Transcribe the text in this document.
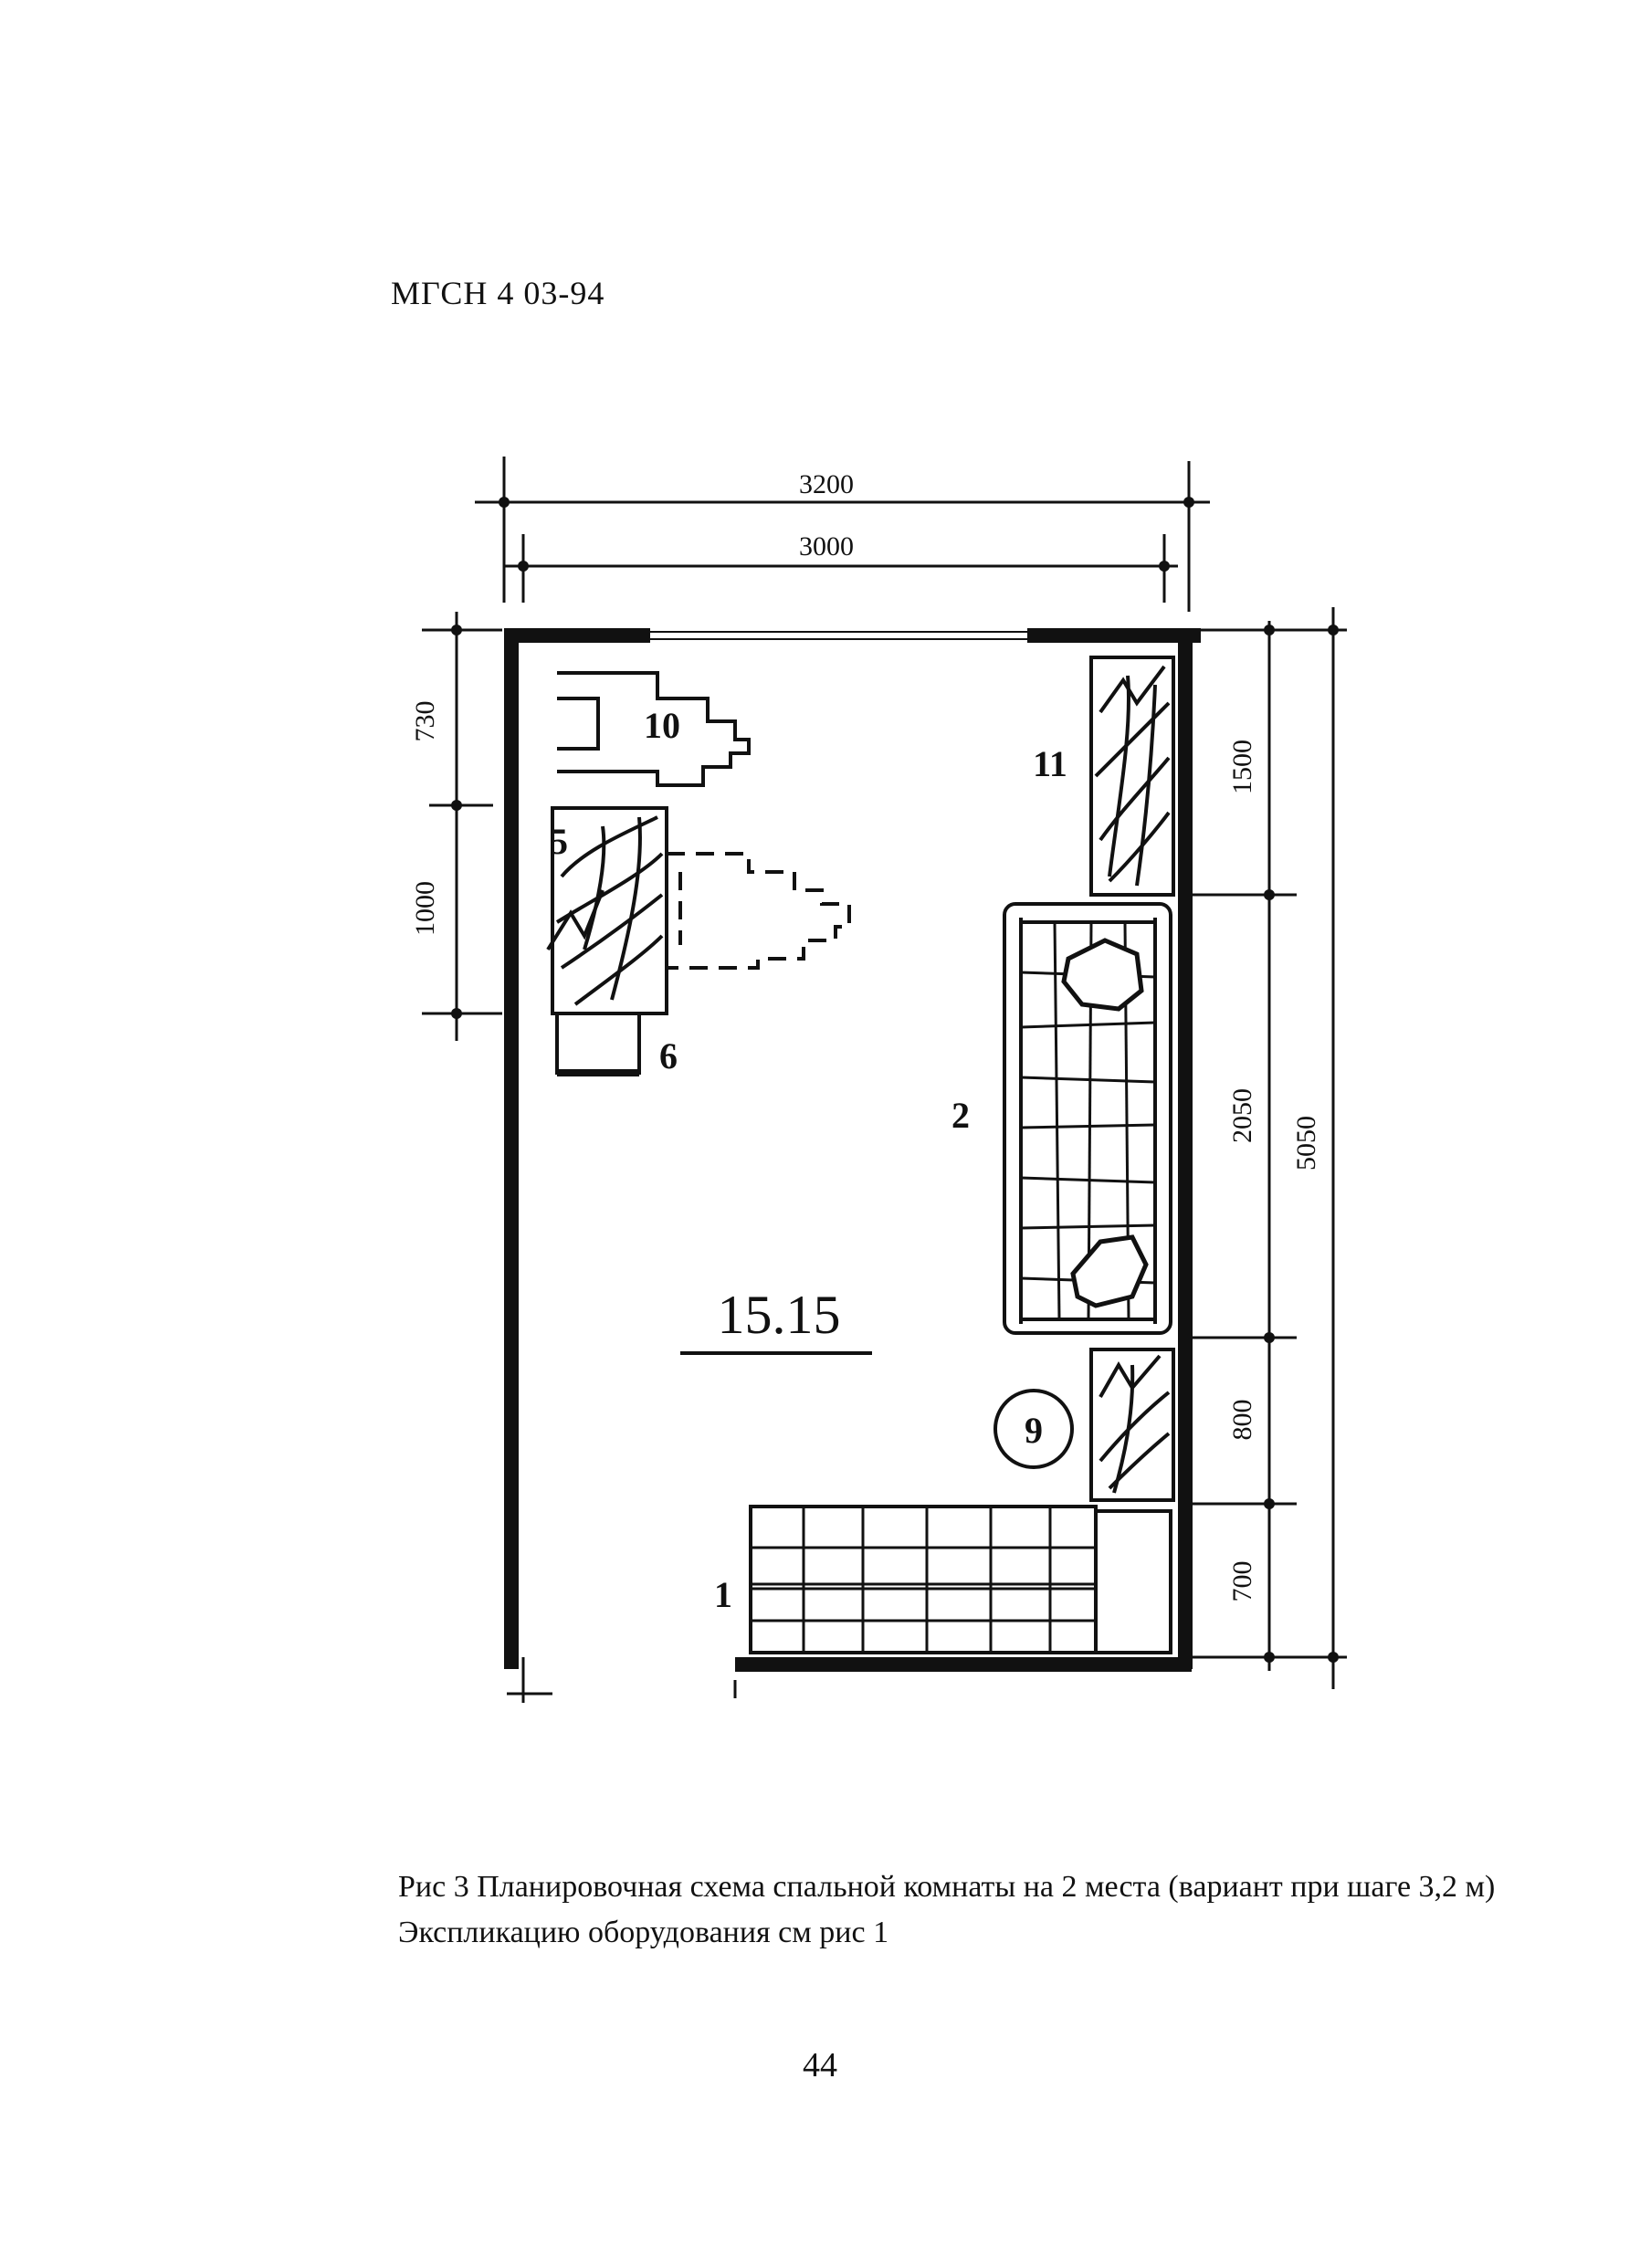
МГСН 4 03-94
3200
3000
730
1000
1500
2050
800
700
5050
10
5
6
11
2
9
1
15.15
Рис 3 Планировочная схема спальной комнаты на 2 места (вариант при шаге 3,2 м) Экспликацию оборудования см рис 1
44
